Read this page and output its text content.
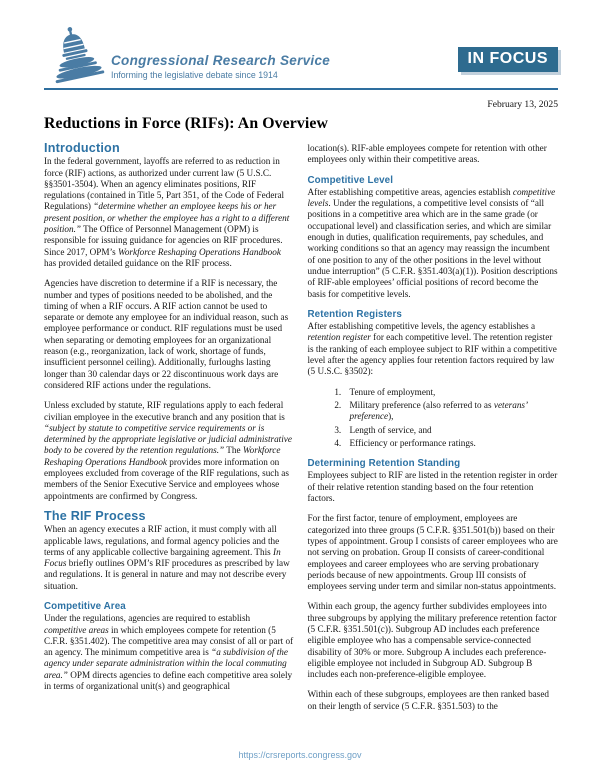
Congressional Research Service
Informing the legislative debate since 1914
IN FOCUS
February 13, 2025
Reductions in Force (RIFs): An Overview
Introduction

In the federal government, layoffs are referred to as reduction in force (RIF) actions, as authorized under current law (5 U.S.C. §§3501-3504). When an agency eliminates positions, RIF regulations (contained in Title 5, Part 351, of the Code of Federal Regulations) “determine whether an employee keeps his or her present position, or whether the employee has a right to a different position.” The Office of Personnel Management (OPM) is responsible for issuing guidance for agencies on RIF procedures. Since 2017, OPM’s Workforce Reshaping Operations Handbook has provided detailed guidance on the RIF process.

Agencies have discretion to determine if a RIF is necessary, the number and types of positions needed to be abolished, and the timing of when a RIF occurs. A RIF action cannot be used to separate or demote any employee for an individual reason, such as employee performance or conduct. RIF regulations must be used when separating or demoting employees for an organizational reason (e.g., reorganization, lack of work, shortage of funds, insufficient personnel ceiling). Additionally, furloughs lasting longer than 30 calendar days or 22 discontinuous work days are considered RIF actions under the regulations.

Unless excluded by statute, RIF regulations apply to each federal civilian employee in the executive branch and any position that is “subject by statute to competitive service requirements or is determined by the appropriate legislative or judicial administrative body to be covered by the retention regulations.” The Workforce Reshaping Operations Handbook provides more information on employees excluded from coverage of the RIF regulations, such as members of the Senior Executive Service and employees whose appointments are confirmed by Congress.

The RIF Process

When an agency executes a RIF action, it must comply with all applicable laws, regulations, and formal agency policies and the terms of any applicable collective bargaining agreement. This In Focus briefly outlines OPM’s RIF procedures as prescribed by law and regulations. It is general in nature and may not describe every situation.

Competitive Area

Under the regulations, agencies are required to establish competitive areas in which employees compete for retention (5 C.F.R. §351.402). The competitive area may consist of all or part of an agency. The minimum competitive area is “a subdivision of the agency under separate administration within the local commuting area.” OPM directs agencies to define each competitive area solely in terms of organizational unit(s) and geographical

location(s). RIF-able employees compete for retention with other employees only within their competitive areas.

Competitive Level

After establishing competitive areas, agencies establish competitive levels. Under the regulations, a competitive level consists of “all positions in a competitive area which are in the same grade (or occupational level) and classification series, and which are similar enough in duties, qualification requirements, pay schedules, and working conditions so that an agency may reassign the incumbent of one position to any of the other positions in the level without undue interruption” (5 C.F.R. §351.403(a)(1)). Position descriptions of RIF-able employees’ official positions of record become the basis for competitive levels.

Retention Registers

After establishing competitive levels, the agency establishes a retention register for each competitive level. The retention register is the ranking of each employee subject to RIF within a competitive level after the agency applies four retention factors required by law (5 U.S.C. §3502):

1. Tenure of employment,
2. Military preference (also referred to as veterans’ preference),
3. Length of service, and
4. Efficiency or performance ratings.
Determining Retention Standing

Employees subject to RIF are listed in the retention register in order of their relative retention standing based on the four retention factors.

For the first factor, tenure of employment, employees are categorized into three groups (5 C.F.R. §351.501(b)) based on their types of appointment. Group I consists of career employees who are not serving on probation. Group II consists of career-conditional employees and career employees who are serving probationary periods because of new appointments. Group III consists of employees serving under term and similar non-status appointments.

Within each group, the agency further subdivides employees into three subgroups by applying the military preference retention factor (5 C.F.R. §351.501(c)). Subgroup AD includes each preference eligible employee who has a compensable service-connected disability of 30% or more. Subgroup A includes each preference-eligible employee not included in Subgroup AD. Subgroup B includes each non-preference-eligible employee.

Within each of these subgroups, employees are then ranked based on their length of service (5 C.F.R. §351.503) to the

https://crsreports.congress.gov
